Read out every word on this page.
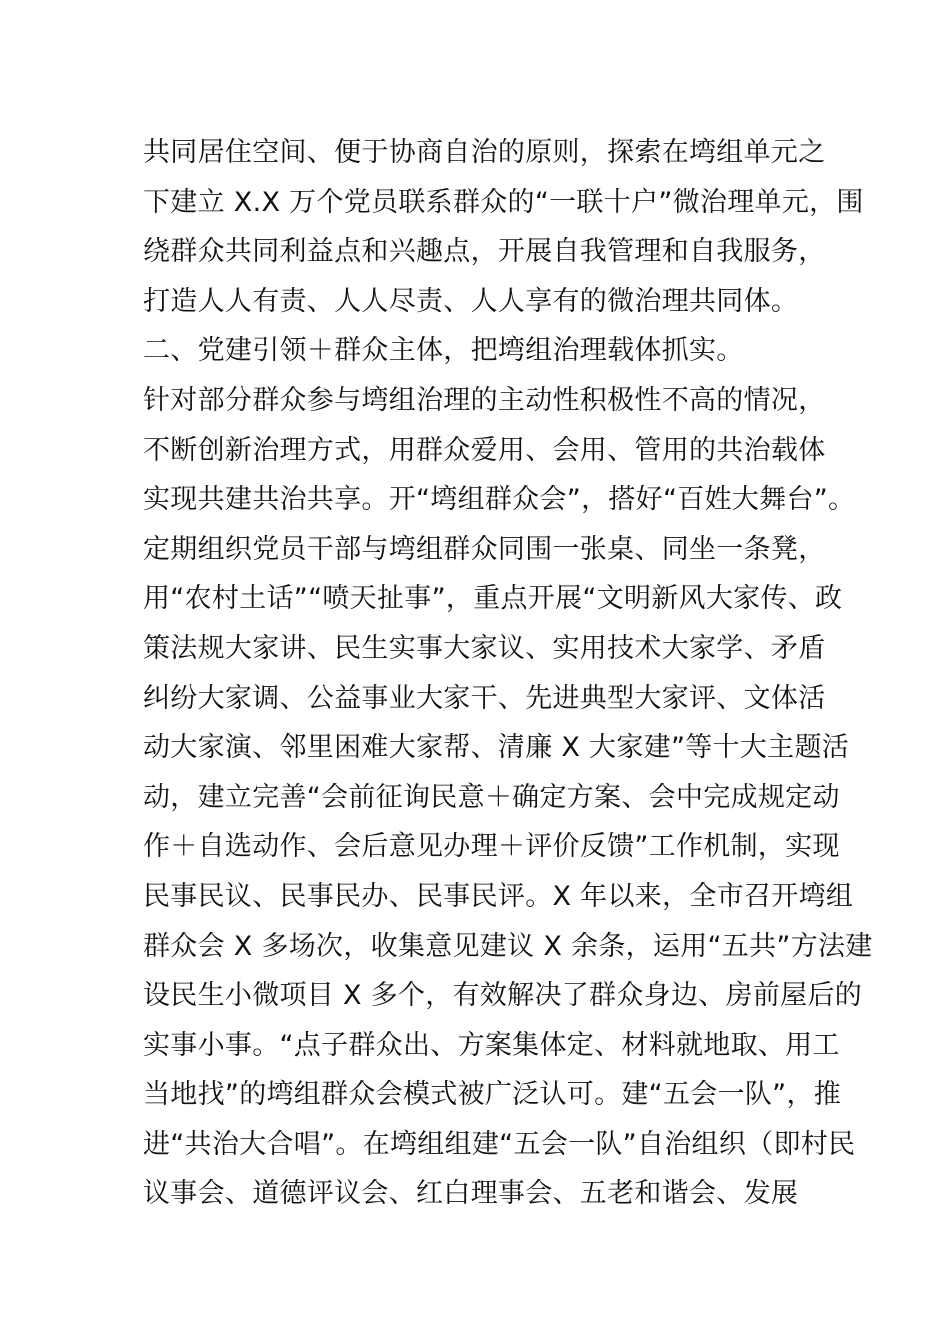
共同居住空间、便于协商自治的原则，探索在塆组单元之
下建立 X.X 万个党员联系群众的“一联十户”微治理单元，围
绕群众共同利益点和兴趣点，开展自我管理和自我服务，
打造人人有责、人人尽责、人人享有的微治理共同体。
二、党建引领＋群众主体，把塆组治理载体抓实。
针对部分群众参与塆组治理的主动性积极性不高的情况，
不断创新治理方式，用群众爱用、会用、管用的共治载体
实现共建共治共享。开“塆组群众会”，搭好“百姓大舞台”。
定期组织党员干部与塆组群众同围一张桌、同坐一条凳，
用“农村土话”“喷天扯事”，重点开展“文明新风大家传、政
策法规大家讲、民生实事大家议、实用技术大家学、矛盾
纠纷大家调、公益事业大家干、先进典型大家评、文体活
动大家演、邻里困难大家帮、清廉 X 大家建”等十大主题活
动，建立完善“会前征询民意＋确定方案、会中完成规定动
作＋自选动作、会后意见办理＋评价反馈”工作机制，实现
民事民议、民事民办、民事民评。X 年以来，全市召开塆组
群众会 X 多场次，收集意见建议 X 余条，运用“五共”方法建
设民生小微项目 X 多个，有效解决了群众身边、房前屋后的
实事小事。“点子群众出、方案集体定、材料就地取、用工
当地找”的塆组群众会模式被广泛认可。建“五会一队”，推
进“共治大合唱”。在塆组组建“五会一队”自治组织（即村民
议事会、道德评议会、红白理事会、五老和谐会、发展
